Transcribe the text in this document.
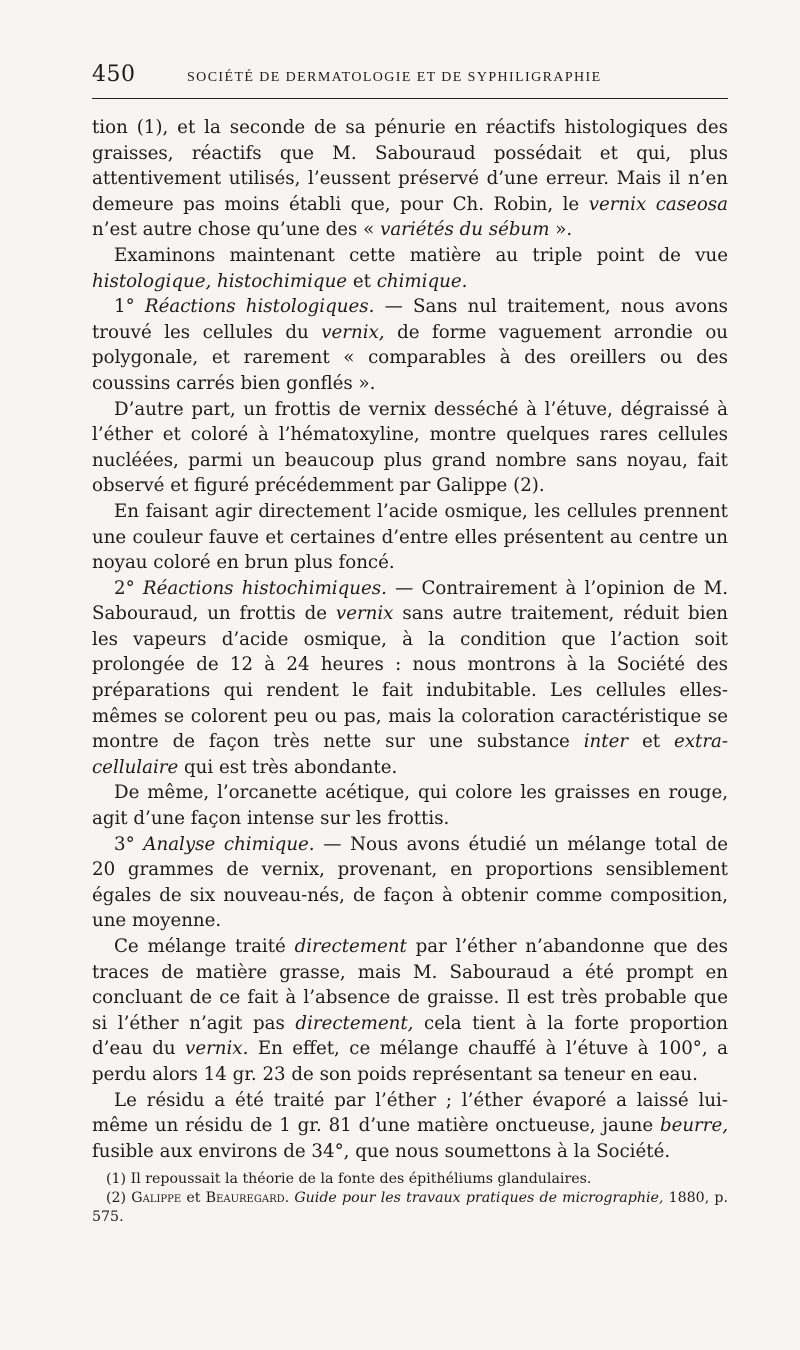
450	SOCIÉTÉ DE DERMATOLOGIE ET DE SYPHILIGRAPHIE

tion (1), et la seconde de sa pénurie en réactifs histologiques des graisses, réactifs que M. Sabouraud possédait et qui, plus attentivement utilisés, l’eussent préservé d’une erreur. Mais il n’en demeure pas moins établi que, pour Ch. Robin, le vernix caseosa n’est autre chose qu’une des « variétés du sébum ».

Examinons maintenant cette matière au triple point de vue histologique, histochimique et chimique.

1° Réactions histologiques. — Sans nul traitement, nous avons trouvé les cellules du vernix, de forme vaguement arrondie ou polygonale, et rarement « comparables à des oreillers ou des coussins carrés bien gonflés ».

D’autre part, un frottis de vernix desséché à l’étuve, dégraissé à l’éther et coloré à l’hématoxyline, montre quelques rares cellules nucléées, parmi un beaucoup plus grand nombre sans noyau, fait observé et figuré précédemment par Galippe (2).

En faisant agir directement l’acide osmique, les cellules prennent une couleur fauve et certaines d’entre elles présentent au centre un noyau coloré en brun plus foncé.

2° Réactions histochimiques. — Contrairement à l’opinion de M. Sabouraud, un frottis de vernix sans autre traitement, réduit bien les vapeurs d’acide osmique, à la condition que l’action soit prolongée de 12 à 24 heures : nous montrons à la Société des préparations qui rendent le fait indubitable. Les cellules elles-mêmes se colorent peu ou pas, mais la coloration caractéristique se montre de façon très nette sur une substance inter et extra-cellulaire qui est très abondante.

De même, l’orcanette acétique, qui colore les graisses en rouge, agit d’une façon intense sur les frottis.

3° Analyse chimique. — Nous avons étudié un mélange total de 20 grammes de vernix, provenant, en proportions sensiblement égales de six nouveau-nés, de façon à obtenir comme composition, une moyenne.

Ce mélange traité directement par l’éther n’abandonne que des traces de matière grasse, mais M. Sabouraud a été prompt en concluant de ce fait à l’absence de graisse. Il est très probable que si l’éther n’agit pas directement, cela tient à la forte proportion d’eau du vernix. En effet, ce mélange chauffé à l’étuve à 100°, a perdu alors 14 gr. 23 de son poids représentant sa teneur en eau.

Le résidu a été traité par l’éther ; l’éther évaporé a laissé lui-même un résidu de 1 gr. 81 d’une matière onctueuse, jaune beurre, fusible aux environs de 34°, que nous soumettons à la Société.

(1) Il repoussait la théorie de la fonte des épithéliums glandulaires.

(2) Galippe et Beauregard. Guide pour les travaux pratiques de micrographie, 1880, p. 575.
